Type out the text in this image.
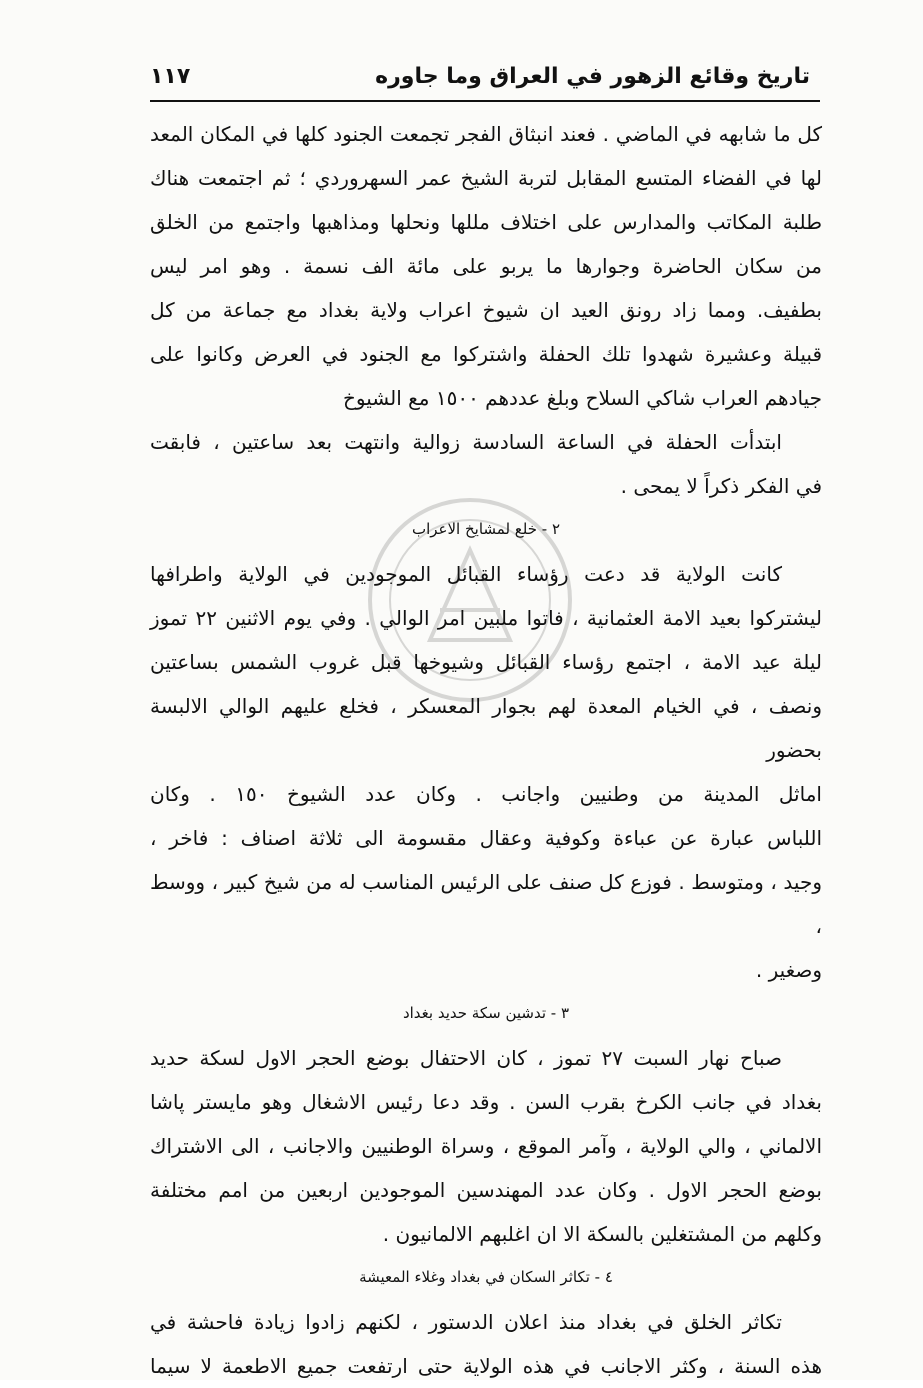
تاريخ وقائع الزهور في العراق وما جاوره
١١٧

كل ما شابهه في الماضي . فعند انبثاق الفجر تجمعت الجنود كلها في المكان المعد

لها في الفضاء المتسع المقابل لتربة الشيخ عمر السهروردي ؛ ثم اجتمعت هناك

طلبة المكاتب والمدارس على اختلاف مللها ونحلها ومذاهبها واجتمع من الخلق

من سكان الحاضرة وجوارها ما يربو على مائة الف نسمة . وهو امر ليس

بطفيف. ومما زاد رونق العيد ان شيوخ اعراب ولاية بغداد مع جماعة من كل

قبيلة وعشيرة شهدوا تلك الحفلة واشتركوا مع الجنود في العرض وكانوا على

جيادهم العراب شاكي السلاح وبلغ عددهم ١٥٠٠ مع الشيوخ

ابتدأت الحفلة في الساعة السادسة زوالية وانتهت بعد ساعتين ، فابقت

في الفكر ذكراً لا يمحى .

٢ - خلع لمشايخ الاعراب

كانت الولاية قد دعت رؤساء القبائل الموجودين في الولاية واطرافها

ليشتركوا بعيد الامة العثمانية ، فاتوا ملبين امر الوالي . وفي يوم الاثنين ٢٢ تموز

ليلة عيد الامة ، اجتمع رؤساء القبائل وشيوخها قبل غروب الشمس بساعتين

ونصف ، في الخيام المعدة لهم بجوار المعسكر ، فخلع عليهم الوالي الالبسة بحضور

اماثل المدينة من وطنيين واجانب . وكان عدد الشيوخ ١٥٠ . وكان

اللباس عبارة عن عباءة وكوفية وعقال مقسومة الى ثلاثة اصناف : فاخر ،

وجيد ، ومتوسط . فوزع كل صنف على الرئيس المناسب له من شيخ كبير ، ووسط ،

وصغير .

٣ - تدشين سكة حديد بغداد

صباح نهار السبت ٢٧ تموز ، كان الاحتفال بوضع الحجر الاول لسكة حديد

بغداد في جانب الكرخ بقرب السن . وقد دعا رئيس الاشغال وهو مايستر پاشا

الالماني ، والي الولاية ، وآمر الموقع ، وسراة الوطنيين والاجانب ، الى الاشتراك

بوضع الحجر الاول . وكان عدد المهندسين الموجودين اربعين من امم مختلفة

وكلهم من المشتغلين بالسكة الا ان اغلبهم الالمانيون .

٤ - تكاثر السكان في بغداد وغلاء المعيشة

تكاثر الخلق في بغداد منذ اعلان الدستور ، لكنهم زادوا زيادة فاحشة في

هذه السنة ، وكثر الاجانب في هذه الولاية حتى ارتفعت جميع الاطعمة لا سيما
